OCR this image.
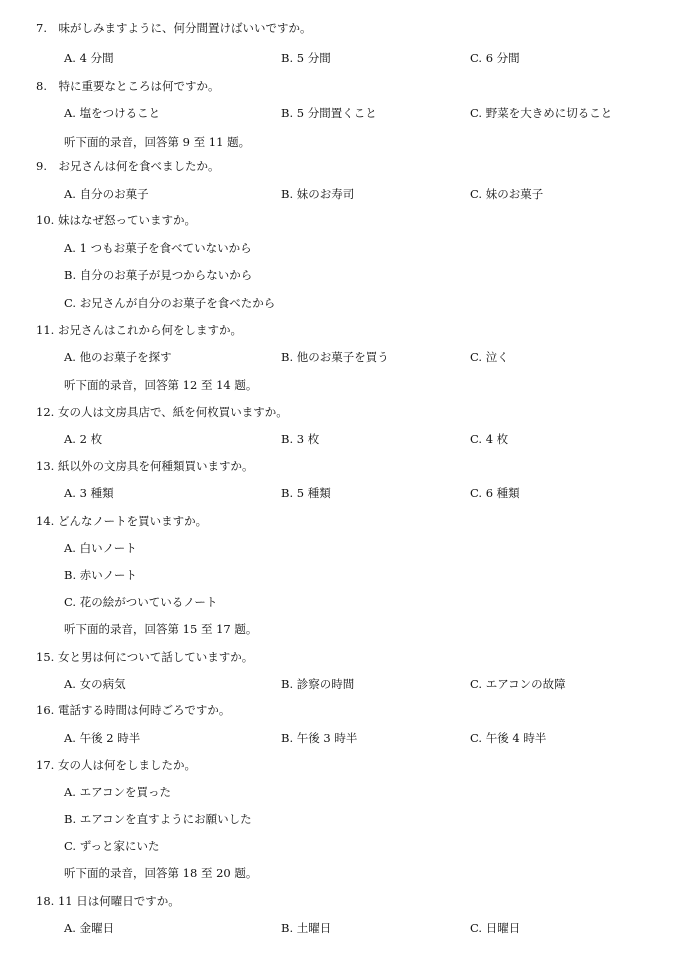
7.　味がしみますように、何分間置けばいいですか。
A. 4 分間	B. 5 分間	C. 6 分間
8.　特に重要なところは何ですか。
A. 塩をつけること	B. 5 分間置くこと	C. 野菜を大きめに切ること
听下面的录音，回答第 9 至 11 题。
9.　お兄さんは何を食べましたか。
A. 自分のお菓子	B. 妹のお寿司	C. 妹のお菓子
10. 妹はなぜ怒っていますか。
A. 1 つもお菓子を食べていないから
B. 自分のお菓子が見つからないから
C. お兄さんが自分のお菓子を食べたから
11. お兄さんはこれから何をしますか。
A. 他のお菓子を探す	B. 他のお菓子を買う	C. 泣く
听下面的录音，回答第 12 至 14 题。
12. 女の人は文房具店で、紙を何枚買いますか。
A. 2 枚	B. 3 枚	C. 4 枚
13. 紙以外の文房具を何種類買いますか。
A. 3 種類	B. 5 種類	C. 6 種類
14. どんなノートを買いますか。
A. 白いノート
B. 赤いノート
C. 花の絵がついているノート
听下面的录音，回答第 15 至 17 题。
15. 女と男は何について話していますか。
A. 女の病気	B. 診察の時間	C. エアコンの故障
16. 電話する時間は何時ごろですか。
A. 午後 2 時半	B. 午後 3 時半	C. 午後 4 時半
17. 女の人は何をしましたか。
A. エアコンを買った
B. エアコンを直すようにお願いした
C. ずっと家にいた
听下面的录音，回答第 18 至 20 题。
18. 11 日は何曜日ですか。
A. 金曜日	B. 土曜日	C. 日曜日
